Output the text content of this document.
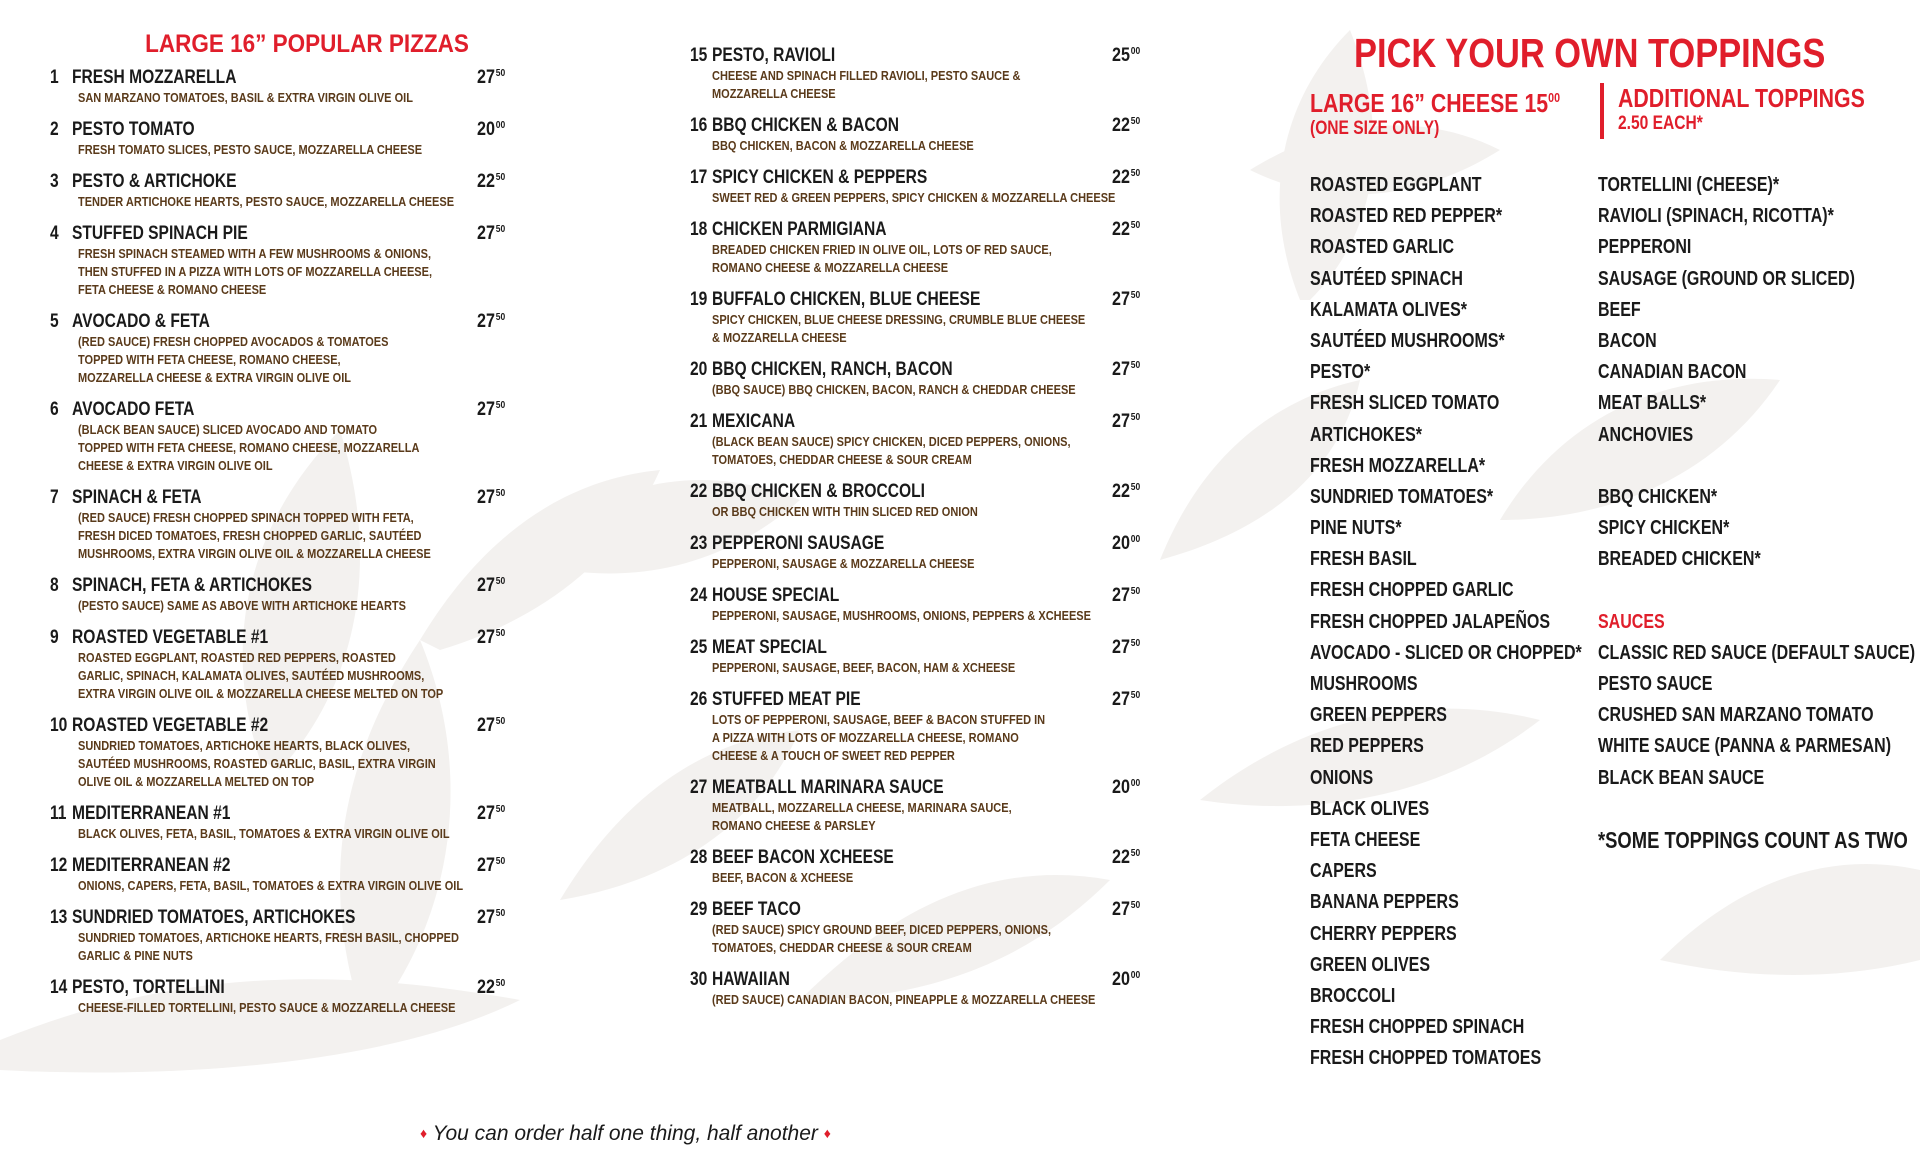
LARGE 16” POPULAR PIZZAS
1 FRESH MOZZARELLA	$27^{50}$
SAN MARZANO TOMATOES, BASIL & EXTRA VIRGIN OLIVE OIL
2 PESTO TOMATO	$20^{00}$
FRESH TOMATO SLICES, PESTO SAUCE, MOZZARELLA CHEESE
3 PESTO & ARTICHOKE	$22^{50}$
TENDER ARTICHOKE HEARTS, PESTO SAUCE, MOZZARELLA CHEESE
4 STUFFED SPINACH PIE	$27^{50}$
FRESH SPINACH STEAMED WITH A FEW MUSHROOMS & ONIONS,
THEN STUFFED IN A PIZZA WITH LOTS OF MOZZARELLA CHEESE,
FETA CHEESE & ROMANO CHEESE
5 AVOCADO & FETA	$27^{50}$
(RED SAUCE) FRESH CHOPPED AVOCADOS & TOMATOES
TOPPED WITH FETA CHEESE, ROMANO CHEESE,
MOZZARELLA CHEESE & EXTRA VIRGIN OLIVE OIL
6 AVOCADO FETA	$27^{50}$
(BLACK BEAN SAUCE) SLICED AVOCADO AND TOMATO
TOPPED WITH FETA CHEESE, ROMANO CHEESE, MOZZARELLA
CHEESE & EXTRA VIRGIN OLIVE OIL
7 SPINACH & FETA	$27^{50}$
(RED SAUCE) FRESH CHOPPED SPINACH TOPPED WITH FETA,
FRESH DICED TOMATOES, FRESH CHOPPED GARLIC, SAUTÉED
MUSHROOMS, EXTRA VIRGIN OLIVE OIL & MOZZARELLA CHEESE
8 SPINACH, FETA & ARTICHOKES	$27^{50}$
(PESTO SAUCE) SAME AS ABOVE WITH ARTICHOKE HEARTS
9 ROASTED VEGETABLE #1	$27^{50}$
ROASTED EGGPLANT, ROASTED RED PEPPERS, ROASTED
GARLIC, SPINACH, KALAMATA OLIVES, SAUTÉED MUSHROOMS,
EXTRA VIRGIN OLIVE OIL & MOZZARELLA CHEESE MELTED ON TOP
10 ROASTED VEGETABLE #2	$27^{50}$
SUNDRIED TOMATOES, ARTICHOKE HEARTS, BLACK OLIVES,
SAUTÉED MUSHROOMS, ROASTED GARLIC, BASIL, EXTRA VIRGIN
OLIVE OIL & MOZZARELLA MELTED ON TOP
11 MEDITERRANEAN #1	$27^{50}$
BLACK OLIVES, FETA, BASIL, TOMATOES & EXTRA VIRGIN OLIVE OIL
12 MEDITERRANEAN #2	$27^{50}$
ONIONS, CAPERS, FETA, BASIL, TOMATOES & EXTRA VIRGIN OLIVE OIL
13 SUNDRIED TOMATOES, ARTICHOKES	$27^{50}$
SUNDRIED TOMATOES, ARTICHOKE HEARTS, FRESH BASIL, CHOPPED
GARLIC & PINE NUTS
14 PESTO, TORTELLINI	$22^{50}$
CHEESE-FILLED TORTELLINI, PESTO SAUCE & MOZZARELLA CHEESE
15 PESTO, RAVIOLI	$25^{00}$
CHEESE AND SPINACH FILLED RAVIOLI, PESTO SAUCE &
MOZZARELLA CHEESE
16 BBQ CHICKEN & BACON	$22^{50}$
BBQ CHICKEN, BACON & MOZZARELLA CHEESE
17 SPICY CHICKEN & PEPPERS	$22^{50}$
SWEET RED & GREEN PEPPERS, SPICY CHICKEN & MOZZARELLA CHEESE
18 CHICKEN PARMIGIANA	$22^{50}$
BREADED CHICKEN FRIED IN OLIVE OIL, LOTS OF RED SAUCE,
ROMANO CHEESE & MOZZARELLA CHEESE
19 BUFFALO CHICKEN, BLUE CHEESE	$27^{50}$
SPICY CHICKEN, BLUE CHEESE DRESSING, CRUMBLE BLUE CHEESE
& MOZZARELLA CHEESE
20 BBQ CHICKEN, RANCH, BACON	$27^{50}$
(BBQ SAUCE) BBQ CHICKEN, BACON, RANCH & CHEDDAR CHEESE
21 MEXICANA	$27^{50}$
(BLACK BEAN SAUCE) SPICY CHICKEN, DICED PEPPERS, ONIONS,
TOMATOES, CHEDDAR CHEESE & SOUR CREAM
22 BBQ CHICKEN & BROCCOLI	$22^{50}$
OR BBQ CHICKEN WITH THIN SLICED RED ONION
23 PEPPERONI SAUSAGE	$20^{00}$
PEPPERONI, SAUSAGE & MOZZARELLA CHEESE
24 HOUSE SPECIAL	$27^{50}$
PEPPERONI, SAUSAGE, MUSHROOMS, ONIONS, PEPPERS & XCHEESE
25 MEAT SPECIAL	$27^{50}$
PEPPERONI, SAUSAGE, BEEF, BACON, HAM & XCHEESE
26 STUFFED MEAT PIE	$27^{50}$
LOTS OF PEPPERONI, SAUSAGE, BEEF & BACON STUFFED IN
A PIZZA WITH LOTS OF MOZZARELLA CHEESE, ROMANO
CHEESE & A TOUCH OF SWEET RED PEPPER
27 MEATBALL MARINARA SAUCE	$20^{00}$
MEATBALL, MOZZARELLA CHEESE, MARINARA SAUCE,
ROMANO CHEESE & PARSLEY
28 BEEF BACON XCHEESE	$22^{50}$
BEEF, BACON & XCHEESE
29 BEEF TACO	$27^{50}$
(RED SAUCE) SPICY GROUND BEEF, DICED PEPPERS, ONIONS,
TOMATOES, CHEDDAR CHEESE & SOUR CREAM
30 HAWAIIAN	$20^{00}$
(RED SAUCE) CANADIAN BACON, PINEAPPLE & MOZZARELLA CHEESE
PICK YOUR OWN TOPPINGS
LARGE 16” CHEESE $15^{00}$
(ONE SIZE ONLY)
ADDITIONAL TOPPINGS
2.50 EACH*
ROASTED EGGPLANT
ROASTED RED PEPPER*
ROASTED GARLIC
SAUTÉED SPINACH
KALAMATA OLIVES*
SAUTÉED MUSHROOMS*
PESTO*
FRESH SLICED TOMATO
ARTICHOKES*
FRESH MOZZARELLA*
SUNDRIED TOMATOES*
PINE NUTS*
FRESH BASIL
FRESH CHOPPED GARLIC
FRESH CHOPPED JALAPEÑOS
AVOCADO - SLICED OR CHOPPED*
MUSHROOMS
GREEN PEPPERS
RED PEPPERS
ONIONS
BLACK OLIVES
FETA CHEESE
CAPERS
BANANA PEPPERS
CHERRY PEPPERS
GREEN OLIVES
BROCCOLI
FRESH CHOPPED SPINACH
FRESH CHOPPED TOMATOES
TORTELLINI (CHEESE)*
RAVIOLI (SPINACH, RICOTTA)*
PEPPERONI
SAUSAGE (GROUND OR SLICED)
BEEF
BACON
CANADIAN BACON
MEAT BALLS*
ANCHOVIES
BBQ CHICKEN*
SPICY CHICKEN*
BREADED CHICKEN*
SAUCES
CLASSIC RED SAUCE (DEFAULT SAUCE)
PESTO SAUCE
CRUSHED SAN MARZANO TOMATO
WHITE SAUCE (PANNA & PARMESAN)
BLACK BEAN SAUCE
*SOME TOPPINGS COUNT AS TWO
♦ You can order half one thing, half another ♦
